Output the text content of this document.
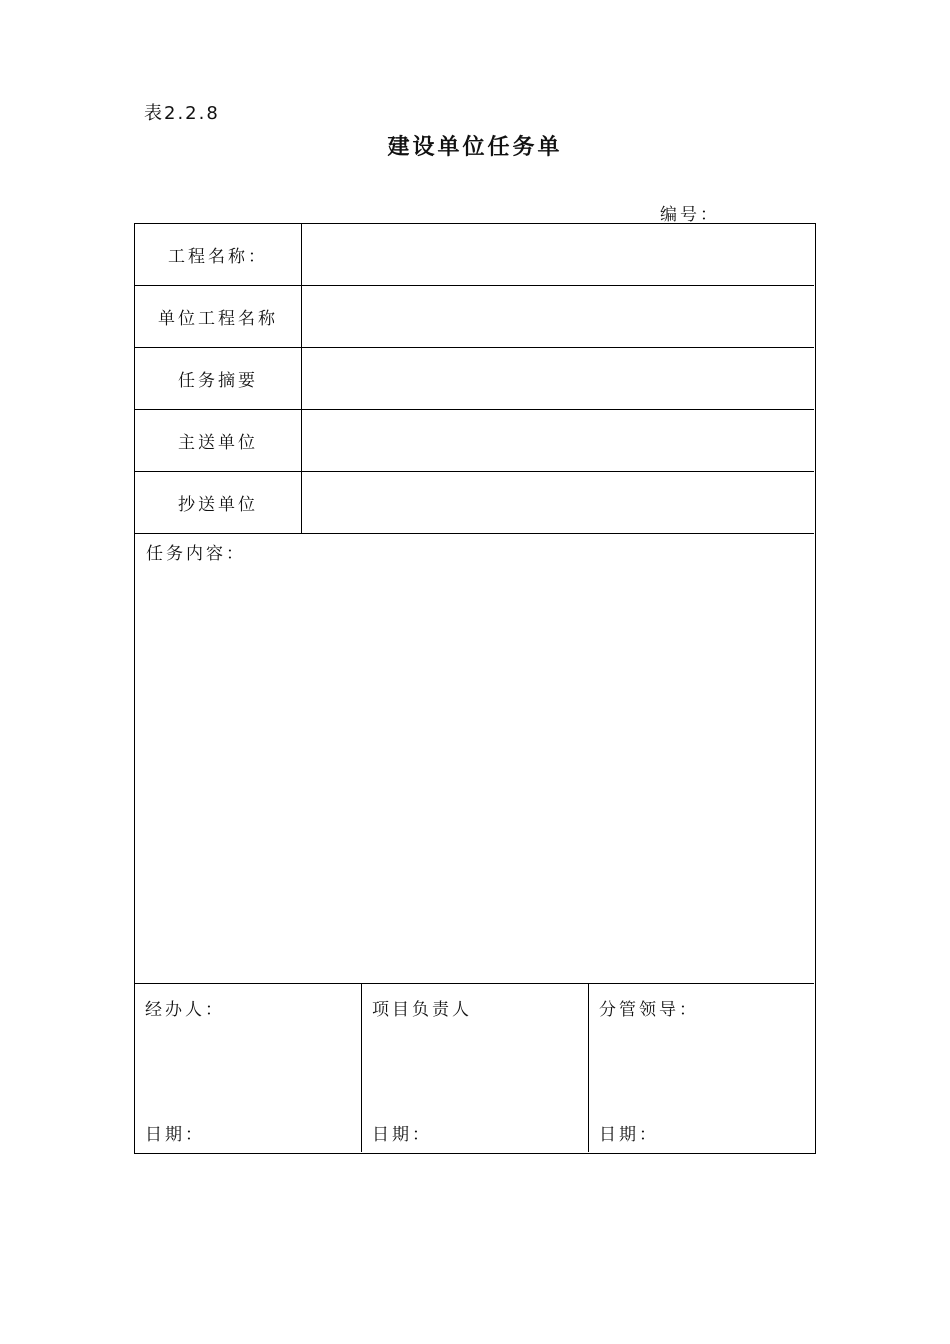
表2.2.8
建设单位任务单
编号：
工程名称：
单位工程名称
任务摘要
主送单位
抄送单位
任务内容：
经办人：
日期：
项目负责人
日期：
分管领导：
日期：
